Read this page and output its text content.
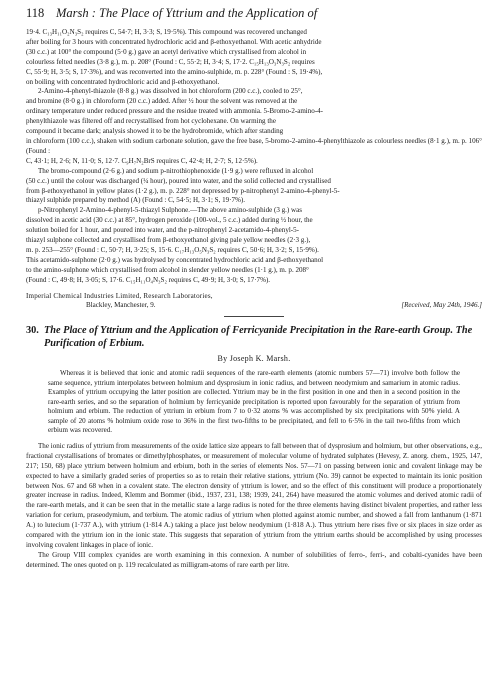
118 Marsh : The Place of Yttrium and the Application of

19·4. C₁₃H₁₁O₂N₃S₂ requires C, 54·7; H, 3·3; S, 19·5%). This compound was recovered unchanged

after boiling for 3 hours with concentrated hydrochloric acid and β-ethoxyethanol. With acetic anhydride

(30 c.c.) at 100° the compound (5·0 g.) gave an acetyl derivative which crystallised from alcohol in

colourless felted needles (3·8 g.), m. p. 208° (Found : C, 55·2; H, 3·4; S, 17·2. C₁₅H₁₃O₃N₃S₂ requires

C, 55·9; H, 3·5; S, 17·3%), and was reconverted into the amino-sulphide, m. p. 228° (Found : S, 19·4%),

on boiling with concentrated hydrochloric acid and β-ethoxyethanol.

2-Amino-4-phenyl-thiazole (8·8 g.) was dissolved in hot chloroform (200 c.c.), cooled to 25°,

and bromine (8·0 g.) in chloroform (20 c.c.) added. After ½ hour the solvent was removed at the

ordinary temperature under reduced pressure and the residue treated with ammonia. 5-Bromo-2-amino-4-

phenylthiazole was filtered off and recrystallised from hot cyclohexane. On warming the

compound it became dark; analysis showed it to be the hydrobromide, which after standing

in chloroform (100 c.c.), shaken with sodium carbonate solution, gave the free base, 5-bromo-2-amino-4-phenylthiazole as colourless needles (8·1 g.), m. p. 106° (Found :

C, 43·1; H, 2·6; N, 11·0; S, 12·7. C₉H₇N₂BrS requires C, 42·4; H, 2·7; S, 12·5%).

The bromo-compound (2·6 g.) and sodium p-nitrothiophenoxide (1·9 g.) were refluxed in alcohol

(50 c.c.) until the colour was discharged (¼ hour), poured into water, and the solid collected and crystallised

from β-ethoxyethanol in yellow plates (1·2 g.), m. p. 228° not depressed by p-nitrophenyl 2-amino-4-phenyl-5-

thiazyl sulphide prepared by method (A) (Found : C, 54·5; H, 3·1; S, 19·7%).

p-Nitrophenyl 2-Amino-4-phenyl-5-thiazyl Sulphone.—The above amino-sulphide (3 g.) was

dissolved in acetic acid (30 c.c.) at 85°, hydrogen peroxide (100-vol., 5 c.c.) added during ½ hour, the

solution boiled for 1 hour, and poured into water, and the p-nitrophenyl 2-acetamido-4-phenyl-5-

thiazyl sulphone collected and crystallised from β-ethoxyethanol giving pale yellow needles (2·3 g.),

m. p. 253—255° (Found : C, 50·7; H, 3·25; S, 15·6. C₁₇H₁₃O₅N₃S₂ requires C, 50·6; H, 3·2; S, 15·9%).

This acetamido-sulphone (2·0 g.) was hydrolysed by concentrated hydrochloric acid and β-ethoxyethanol

to the amino-sulphone which crystallised from alcohol in slender yellow needles (1·1 g.), m. p. 208°

(Found : C, 49·8; H, 3·05; S, 17·6. C₁₅H₁₁O₄N₃S₂ requires C, 49·9; H, 3·0; S, 17·7%).

Imperial Chemical Industries Limited, Research Laboratories,
Blackley, Manchester, 9.	[Received, May 24th, 1946.]
30. The Place of Yttrium and the Application of Ferricyanide Precipitation in the Rare-earth Group. The Purification of Erbium.
By Joseph K. Marsh.

Whereas it is believed that ionic and atomic radii sequences of the rare-earth elements (atomic numbers 57—71) involve both follow the same sequence, yttrium interpolates between holmium and dysprosium in ionic radius, and between neodymium and samarium in atomic radius. Examples of yttrium occupying the latter position are collected. Yttrium may be in the first position in one and then in a second position in the rare-earth series, and so the separation of holmium by ferricyanide precipitation is reported upon favourably for the separation of yttrium from holmium and erbium. The reduction of yttrium in erbium from 7 to 0·32 atoms % was accomplished by six precipitations with 50% yield. A sample of 20 atoms % holmium oxide rose to 36% in the first two-fifths to be precipitated, and fell to 6·5% in the tail two-fifths from which erbium was recovered.

The ionic radius of yttrium from measurements of the oxide lattice size appears to fall between that of dysprosium and holmium, but other observations, e.g., fractional crystallisations of bromates or dimethylphosphates, or measurement of molecular volume of hydrated sulphates (Hevesy, Z. anorg. chem., 1925, 147, 217; 150, 68) place yttrium between holmium and erbium, both in the series of elements Nos. 57—71 on passing between ionic and covalent linkage may be expected to have a similarly graded series of properties so as to retain their relative stations, yttrium (No. 39) cannot be expected to maintain its ionic position between Nos. 67 and 68 when in a covalent state. The electron density of yttrium is lower, and so the effect of this constituent will produce a proportionately greater increase in radius. Indeed, Klemm and Bommer (ibid., 1937, 231, 138; 1939, 241, 264) have measured the atomic volumes and derived atomic radii of the rare-earth metals, and it can be seen that in the metallic state a large radius is noted for the three elements having distinct bivalent properties, and rather less variation for cerium, praseodymium, and terbium. The atomic radius of yttrium when plotted against atomic number, and showed a fall from lanthanum (1·871 A.) to lutecium (1·737 A.), with yttrium (1·814 A.) taking a place just below neodymium (1·818 A.). Thus yttrium here rises five or six places in size order as compared with the yttrium ion in the ionic state. This suggests that separation of yttrium from the yttrium earths should be accomplished by using processes involving covalent linkages in place of ionic.

The Group VIII complex cyanides are worth examining in this connexion. A number of solubilities of ferro-, ferri-, and cobalti-cyanides have been determined. The ones quoted on p. 119 recalculated as milligram-atoms of rare earth per litre.
